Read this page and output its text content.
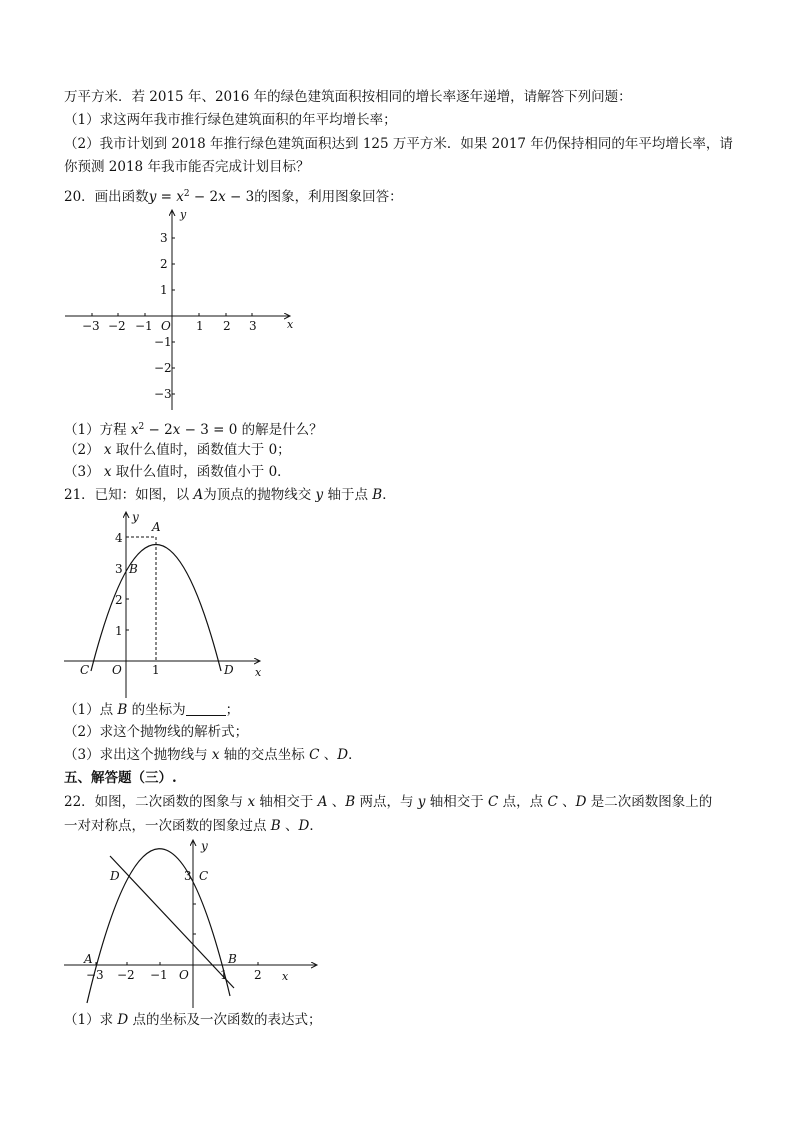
万平方米．若 2015 年、2016 年的绿色建筑面积按相同的增长率逐年递增，请解答下列问题：
（1）求这两年我市推行绿色建筑面积的年平均增长率；
（2）我市计划到 2018 年推行绿色建筑面积达到 125 万平方米．如果 2017 年仍保持相同的年平均增长率，请
你预测 2018 年我市能否完成计划目标？
20．画出函数$y = x^2 - 2x - 3$的图象，利用图象回答：
−3 −2 −1 O 1 2 3	x
y
3
2
1
−1
−2
−3
（1）方程 $x^2 - 2x - 3 = 0$ 的解是什么？
（2） x 取什么值时，函数值大于 0；
（3） x 取什么值时，函数值小于 0．
21．已知：如图，以 A为顶点的抛物线交 y 轴于点 B．
y
A
4
3 B
2
1
C O	1	D x
（1）点 B 的坐标为	；
（2）求这个抛物线的解析式；
（3）求出这个抛物线与 x 轴的交点坐标 C 、D．
五、解答题（三）.
22．如图，二次函数的图象与 x 轴相交于 A 、B 两点，与 y 轴相交于 C 点，点 C 、D 是二次函数图象上的
一对对称点，一次函数的图象过点 B 、D．
y
D	3 C
A	B
−3 −2 −1 O	1 2 x
（1）求 D 点的坐标及一次函数的表达式；
